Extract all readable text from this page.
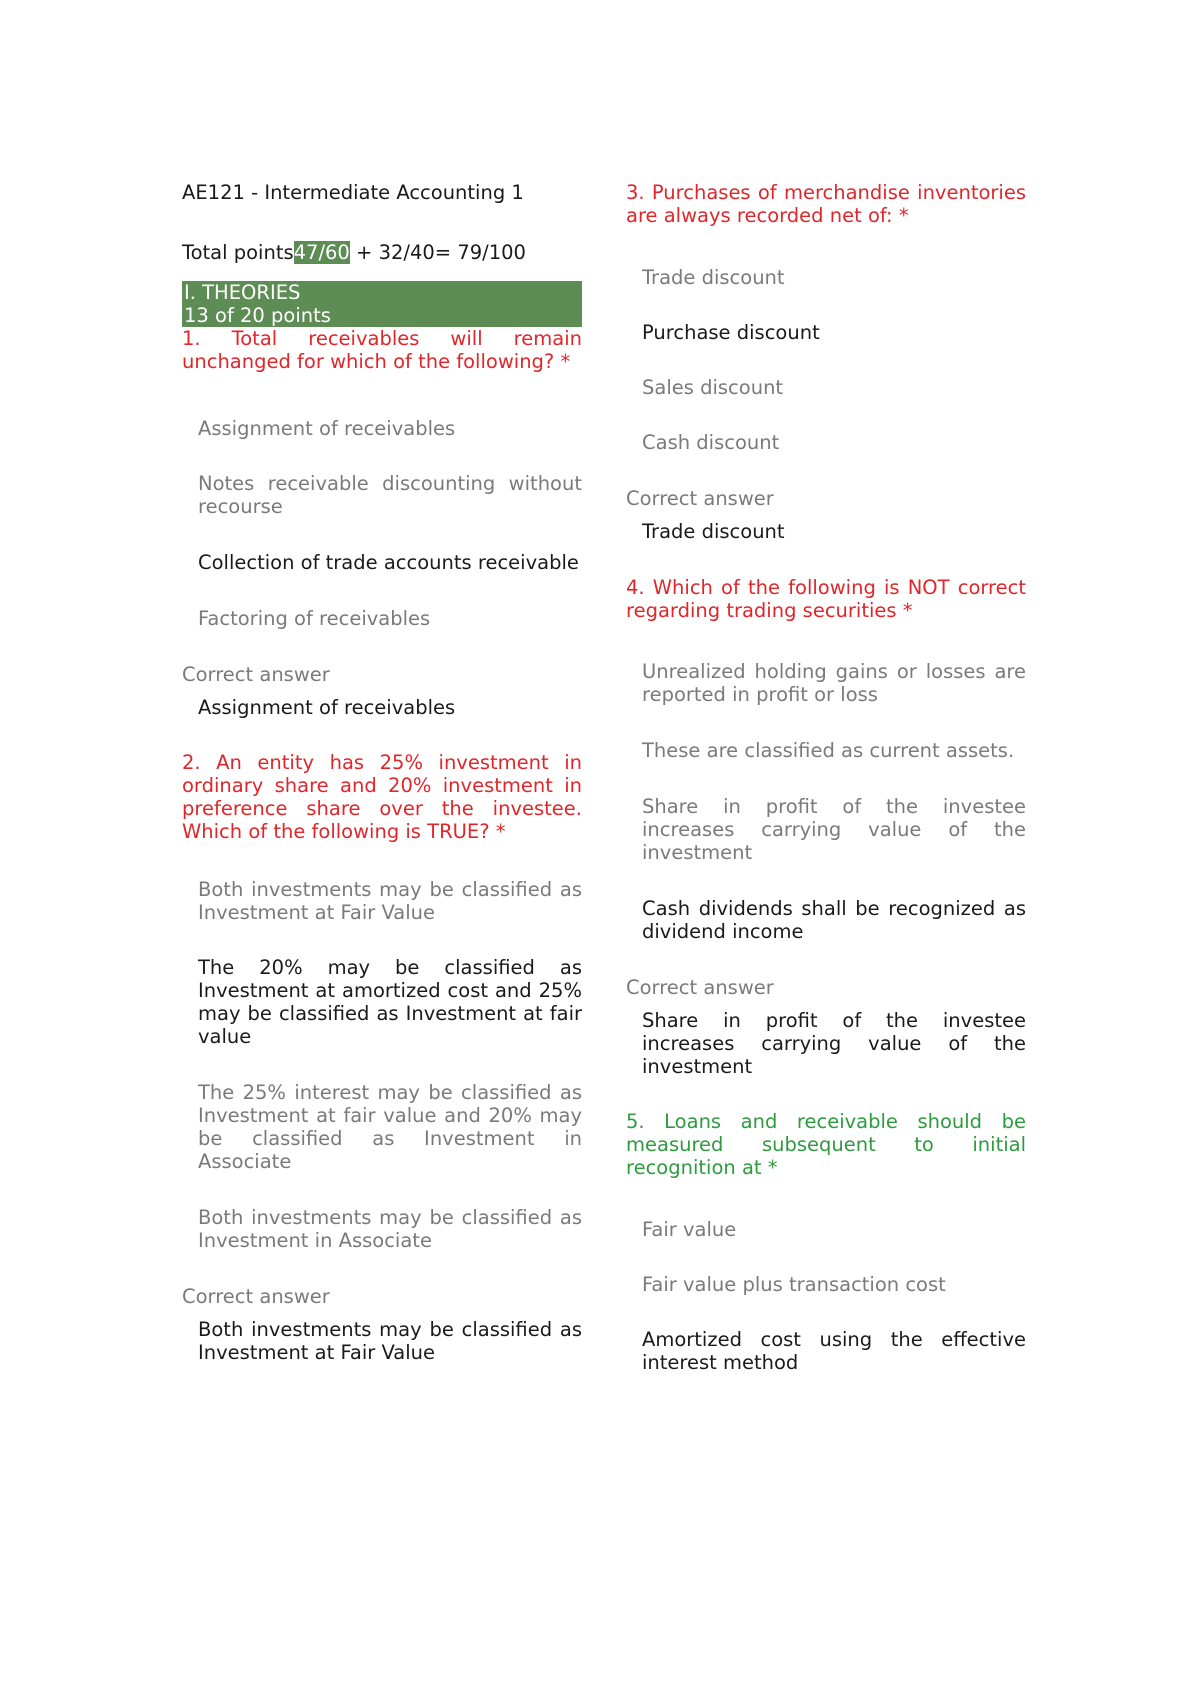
AE121 - Intermediate Accounting 1
Total points47/60 + 32/40= 79/100
I. THEORIES
13 of 20 points
1. Total receivables will remain unchanged for which of the following? *
Assignment of receivables
Notes receivable discounting without recourse
Collection of trade accounts receivable
Factoring of receivables
Correct answer
Assignment of receivables
2. An entity has 25% investment in ordinary share and 20% investment in preference share over the investee. Which of the following is TRUE? *
Both investments may be classified as Investment at Fair Value
The 20% may be classified as Investment at amortized cost and 25% may be classified as Investment at fair value
The 25% interest may be classified as Investment at fair value and 20% may be classified as Investment in Associate
Both investments may be classified as Investment in Associate
Correct answer
Both investments may be classified as Investment at Fair Value
3. Purchases of merchandise inventories are always recorded net of: *
Trade discount
Purchase discount
Sales discount
Cash discount
Correct answer
Trade discount
4. Which of the following is NOT correct regarding trading securities *
Unrealized holding gains or losses are reported in profit or loss
These are classified as current assets.
Share in profit of the investee increases carrying value of the investment
Cash dividends shall be recognized as dividend income
Correct answer
Share in profit of the investee increases carrying value of the investment
5. Loans and receivable should be measured subsequent to initial recognition at *
Fair value
Fair value plus transaction cost
Amortized cost using the effective interest method
